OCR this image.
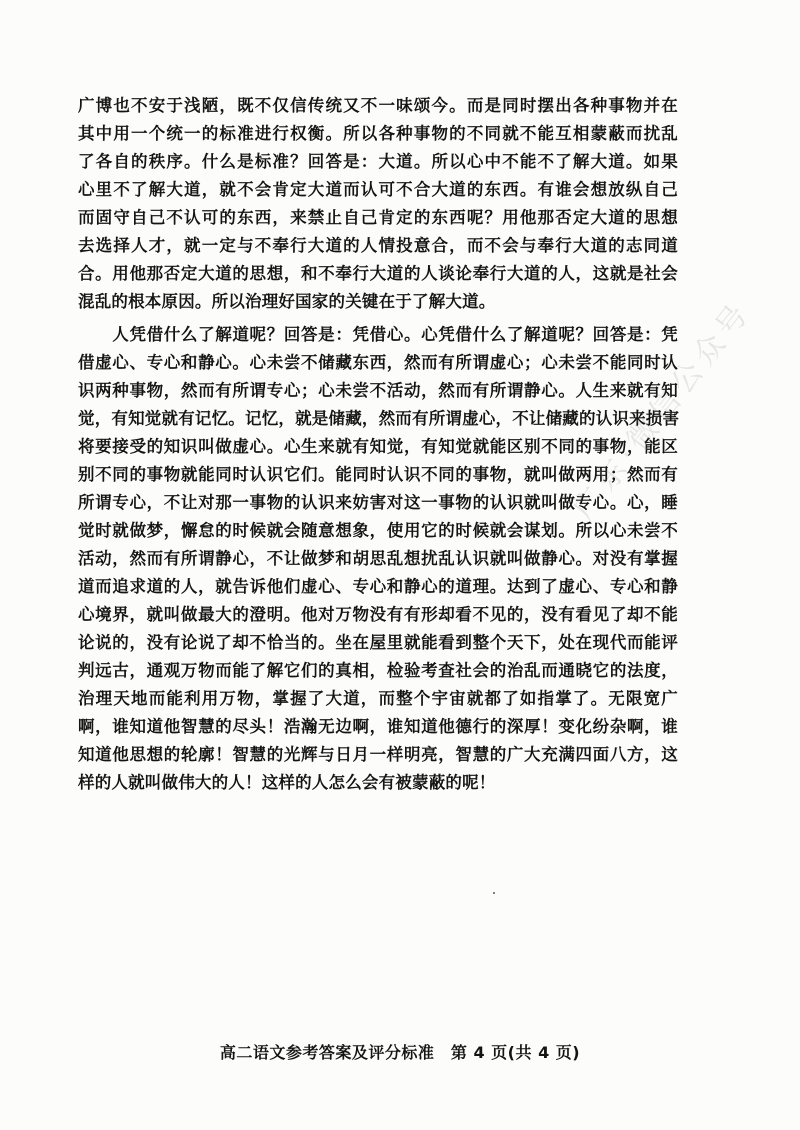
广博也不安于浅陋，既不仅信传统又不一味颂今。而是同时摆出各种事物并在
其中用一个统一的标准进行权衡。所以各种事物的不同就不能互相蒙蔽而扰乱
了各自的秩序。什么是标准？回答是：大道。所以心中不能不了解大道。如果
心里不了解大道，就不会肯定大道而认可不合大道的东西。有谁会想放纵自己
而固守自己不认可的东西，来禁止自己肯定的东西呢？用他那否定大道的思想
去选择人才，就一定与不奉行大道的人情投意合，而不会与奉行大道的志同道
合。用他那否定大道的思想，和不奉行大道的人谈论奉行大道的人，这就是社会
混乱的根本原因。所以治理好国家的关键在于了解大道。
　　人凭借什么了解道呢？回答是：凭借心。心凭借什么了解道呢？回答是：凭
借虚心、专心和静心。心未尝不储藏东西，然而有所谓虚心；心未尝不能同时认
识两种事物，然而有所谓专心；心未尝不活动，然而有所谓静心。人生来就有知
觉，有知觉就有记忆。记忆，就是储藏，然而有所谓虚心，不让储藏的认识来损害
将要接受的知识叫做虚心。心生来就有知觉，有知觉就能区别不同的事物，能区
别不同的事物就能同时认识它们。能同时认识不同的事物，就叫做两用；然而有
所谓专心，不让对那一事物的认识来妨害对这一事物的认识就叫做专心。心，睡
觉时就做梦，懈怠的时候就会随意想象，使用它的时候就会谋划。所以心未尝不
活动，然而有所谓静心，不让做梦和胡思乱想扰乱认识就叫做静心。对没有掌握
道而追求道的人，就告诉他们虚心、专心和静心的道理。达到了虚心、专心和静
心境界，就叫做最大的澄明。他对万物没有有形却看不见的，没有看见了却不能
论说的，没有论说了却不恰当的。坐在屋里就能看到整个天下，处在现代而能评
判远古，通观万物而能了解它们的真相，检验考查社会的治乱而通晓它的法度，
治理天地而能利用万物，掌握了大道，而整个宇宙就都了如指掌了。无限宽广
啊，谁知道他智慧的尽头！浩瀚无边啊，谁知道他德行的深厚！变化纷杂啊，谁
知道他思想的轮廓！智慧的光辉与日月一样明亮，智慧的广大充满四面八方，这
样的人就叫做伟大的人！这样的人怎么会有被蒙蔽的呢！
广东·微信公众号
高二语文参考答案及评分标准　第 4 页(共 4 页)
